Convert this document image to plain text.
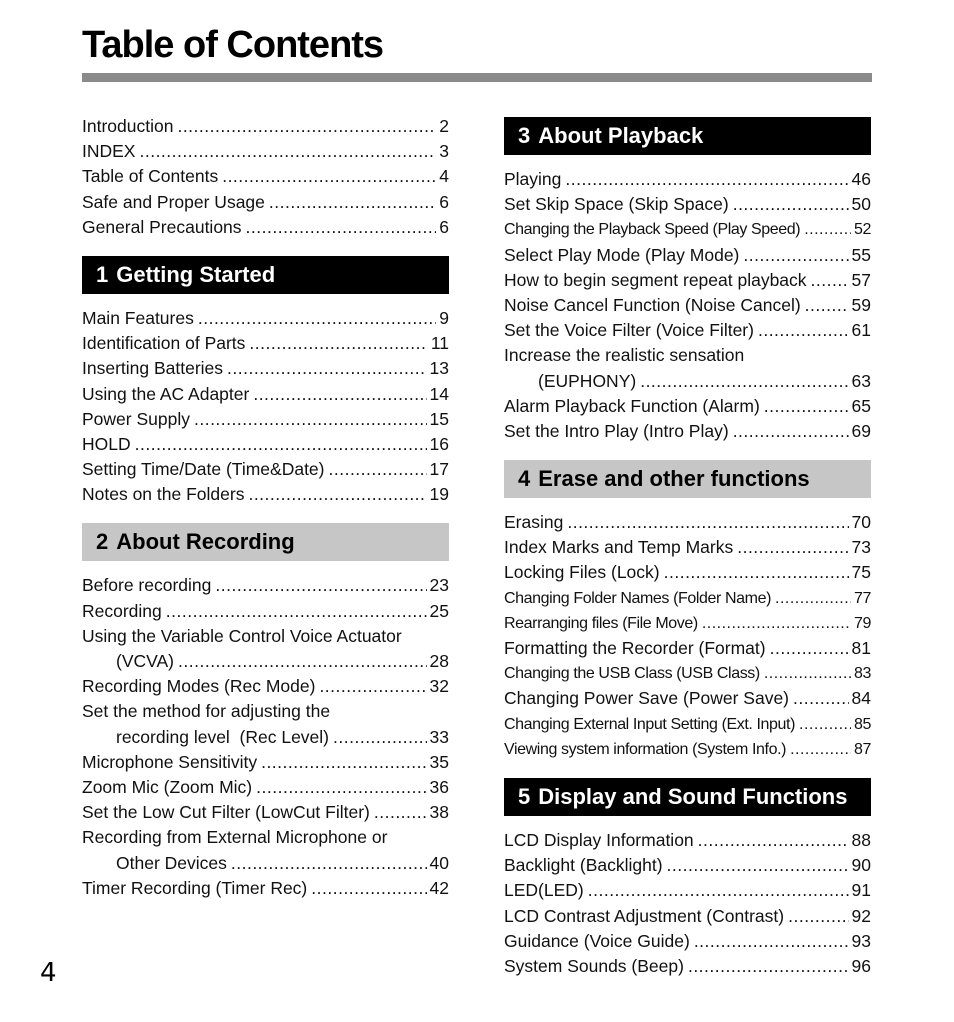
Table of Contents
Introduction .....	2
INDEX .....	3
Table of Contents .....	4
Safe and Proper Usage .....	6
General Precautions .....	6
1 Getting Started
Main Features .....	9
Identification of Parts .....	11
Inserting Batteries .....	13
Using the AC Adapter .....	14
Power Supply .....	15
HOLD .....	16
Setting Time/Date (Time&Date) .....	17
Notes on the Folders .....	19
2 About Recording
Before recording .....	23
Recording .....	25
Using the Variable Control Voice Actuator
(VCVA) .....	28
Recording Modes (Rec Mode) .....	32
Set the method for adjusting the
recording level  (Rec Level) .....	33
Microphone Sensitivity .....	35
Zoom Mic (Zoom Mic) .....	36
Set the Low Cut Filter (LowCut Filter) .....	38
Recording from External Microphone or
Other Devices .....	40
Timer Recording (Timer Rec) .....	42
3 About Playback
Playing .....	46
Set Skip Space (Skip Space) .....	50
Changing the Playback Speed (Play Speed) .....	52
Select Play Mode (Play Mode) .....	55
How to begin segment repeat playback .....	57
Noise Cancel Function (Noise Cancel) .....	59
Set the Voice Filter (Voice Filter) .....	61
Increase the realistic sensation
(EUPHONY) .....	63
Alarm Playback Function (Alarm) .....	65
Set the Intro Play (Intro Play) .....	69
4 Erase and other functions
Erasing .....	70
Index Marks and Temp Marks .....	73
Locking Files (Lock) .....	75
Changing Folder Names (Folder Name) .....	77
Rearranging files (File Move) .....	79
Formatting the Recorder (Format) .....	81
Changing the USB Class (USB Class) .....	83
Changing Power Save (Power Save) .....	84
Changing External Input Setting (Ext. Input) .....	85
Viewing system information (System Info.) .....	87
5 Display and Sound Functions
LCD Display Information .....	88
Backlight (Backlight) .....	90
LED(LED) .....	91
LCD Contrast Adjustment (Contrast) .....	92
Guidance (Voice Guide) .....	93
System Sounds (Beep) .....	96
4
